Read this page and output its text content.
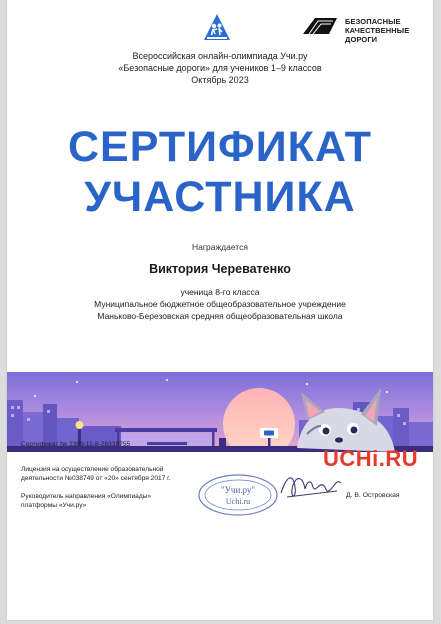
БЕЗОПАСНЫЕ
КАЧЕСТВЕННЫЕ ДОРОГИ
Всероссийская онлайн-олимпиада Учи.ру
«Безопасные дороги» для учеников 1–9 классов
Октябрь 2023
СЕРТИФИКАТ
УЧАСТНИКА
Награждается
Виктория Череватенко
ученица 8-го класса
Муниципальное бюджетное общеобразовательное учреждение
Маньково-Березовская средняя общеобразовательная школа
Сертификат № 2309-11-8-26339755
Лицензия на осуществление образовательной
деятельности №038749 от «20» сентября 2017 г.
Руководитель направления «Олимпиады»
платформы «Учи.ру»
UCHi.RU
"Учи.ру"
Uchi.ru
Д. В. Островская
